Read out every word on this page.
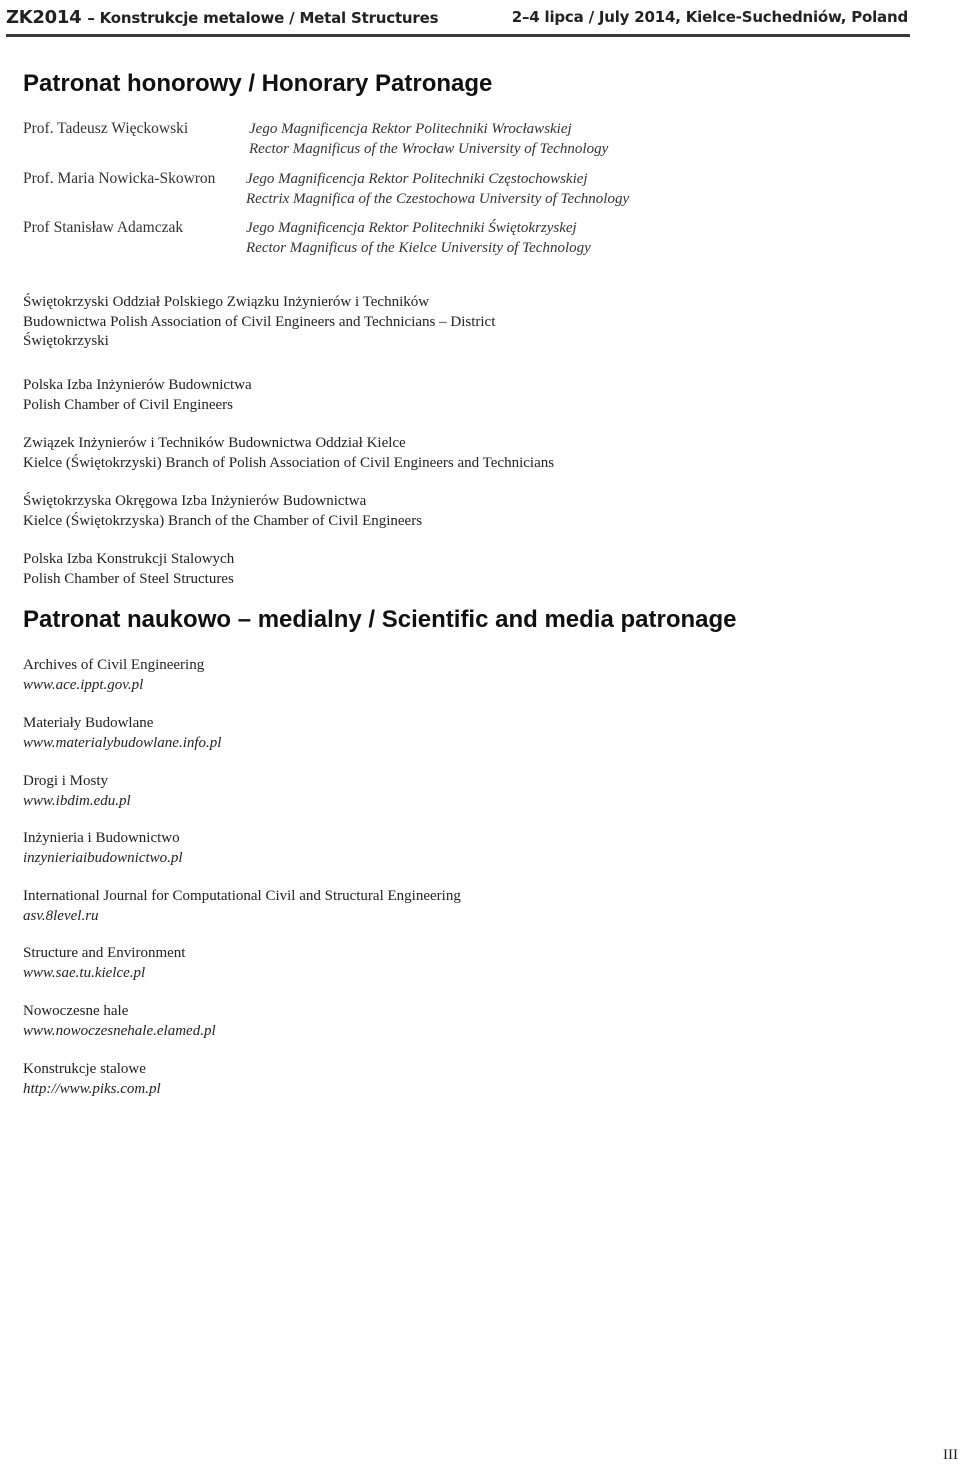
ZK2014 – Konstrukcje metalowe / Metal Structures	2–4 lipca / July 2014, Kielce-Suchedniów, Poland
Patronat honorowy / Honorary Patronage
Prof. Tadeusz Więckowski	Jego Magnificencja Rektor Politechniki Wrocławskiej
Rector Magnificus of the Wrocław University of Technology
Prof. Maria Nowicka-Skowron Jego Magnificencja Rektor Politechniki Częstochowskiej
Rectrix Magnifica of the Czestochowa University of Technology
Prof Stanisław Adamczak	Jego Magnificencja Rektor Politechniki Świętokrzyskej
Rector Magnificus of the Kielce University of Technology
Świętokrzyski Oddział Polskiego Związku Inżynierów i Techników
Budownictwa Polish Association of Civil Engineers and Technicians – District
Świętokrzyski
Polska Izba Inżynierów Budownictwa
Polish Chamber of Civil Engineers
Związek Inżynierów i Techników Budownictwa Oddział Kielce
Kielce (Świętokrzyski) Branch of Polish Association of Civil Engineers and Technicians
Świętokrzyska Okręgowa Izba Inżynierów Budownictwa
Kielce (Świętokrzyska) Branch of the Chamber of Civil Engineers
Polska Izba Konstrukcji Stalowych
Polish Chamber of Steel Structures
Patronat naukowo – medialny / Scientific and media patronage
Archives of Civil Engineering
www.ace.ippt.gov.pl
Materiały Budowlane
www.materialybudowlane.info.pl
Drogi i Mosty
www.ibdim.edu.pl
Inżynieria i Budownictwo
inzynieriaibudownictwo.pl
International Journal for Computational Civil and Structural Engineering
asv.8level.ru
Structure and Environment
www.sae.tu.kielce.pl
Nowoczesne hale
www.nowoczesnehale.elamed.pl
Konstrukcje stalowe
http://www.piks.com.pl
III
